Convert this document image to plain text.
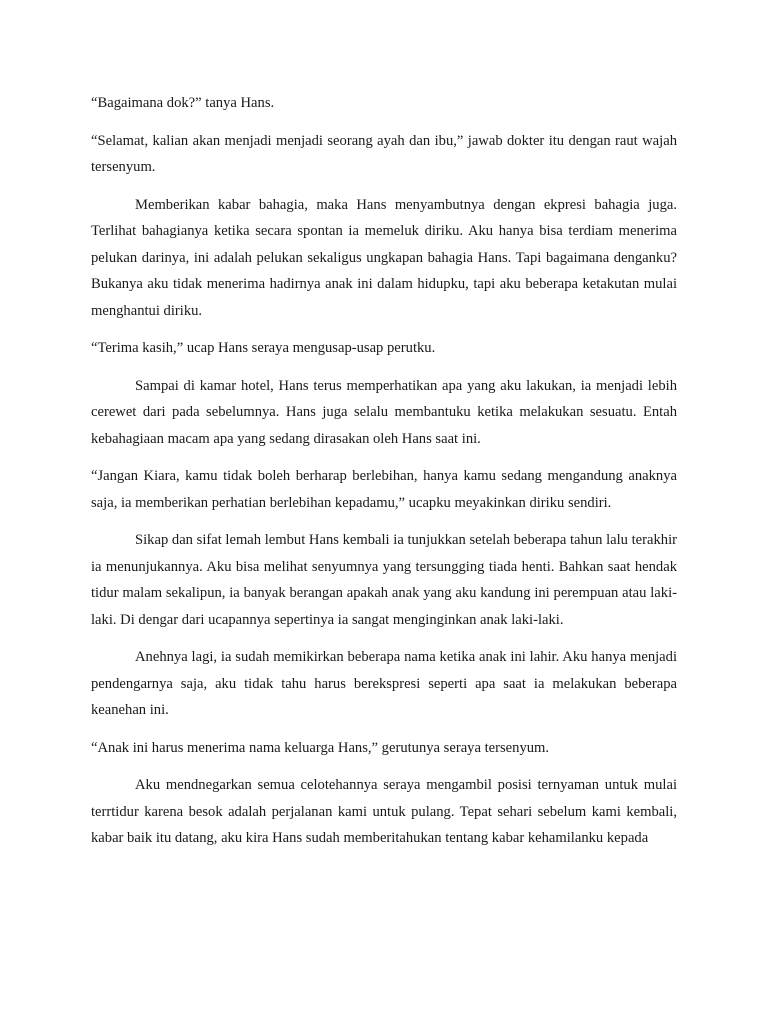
“Bagaimana dok?” tanya Hans.

“Selamat, kalian akan menjadi menjadi seorang ayah dan ibu,” jawab dokter itu dengan raut wajah tersenyum.

Memberikan kabar bahagia, maka Hans menyambutnya dengan ekpresi bahagia juga. Terlihat bahagianya ketika secara spontan ia memeluk diriku. Aku hanya bisa terdiam menerima pelukan darinya, ini adalah pelukan sekaligus ungkapan bahagia Hans. Tapi bagaimana denganku? Bukanya aku tidak menerima hadirnya anak ini dalam hidupku, tapi aku beberapa ketakutan mulai menghantui diriku.

“Terima kasih,” ucap Hans seraya mengusap-usap perutku.

Sampai di kamar hotel, Hans terus memperhatikan apa yang aku lakukan, ia menjadi lebih cerewet dari pada sebelumnya. Hans juga selalu membantuku ketika melakukan sesuatu. Entah kebahagiaan macam apa yang sedang dirasakan oleh Hans saat ini.

“Jangan Kiara, kamu tidak boleh berharap berlebihan, hanya kamu sedang mengandung anaknya saja, ia memberikan perhatian berlebihan kepadamu,” ucapku meyakinkan diriku sendiri.

Sikap dan sifat lemah lembut Hans kembali ia tunjukkan setelah beberapa tahun lalu terakhir ia menunjukannya. Aku bisa melihat senyumnya yang tersungging tiada henti. Bahkan saat hendak tidur malam sekalipun, ia banyak berangan apakah anak yang aku kandung ini perempuan atau laki-laki. Di dengar dari ucapannya sepertinya ia sangat menginginkan anak laki-laki.

Anehnya lagi, ia sudah memikirkan beberapa nama ketika anak ini lahir. Aku hanya menjadi pendengarnya saja, aku tidak tahu harus berekspresi seperti apa saat ia melakukan beberapa keanehan ini.

“Anak ini harus menerima nama keluarga Hans,” gerutunya seraya tersenyum.

Aku mendnegarkan semua celotehannya seraya mengambil posisi ternyaman untuk mulai terrtidur karena besok adalah perjalanan kami untuk pulang. Tepat sehari sebelum kami kembali, kabar baik itu datang, aku kira Hans sudah memberitahukan tentang kabar kehamilanku kepada
